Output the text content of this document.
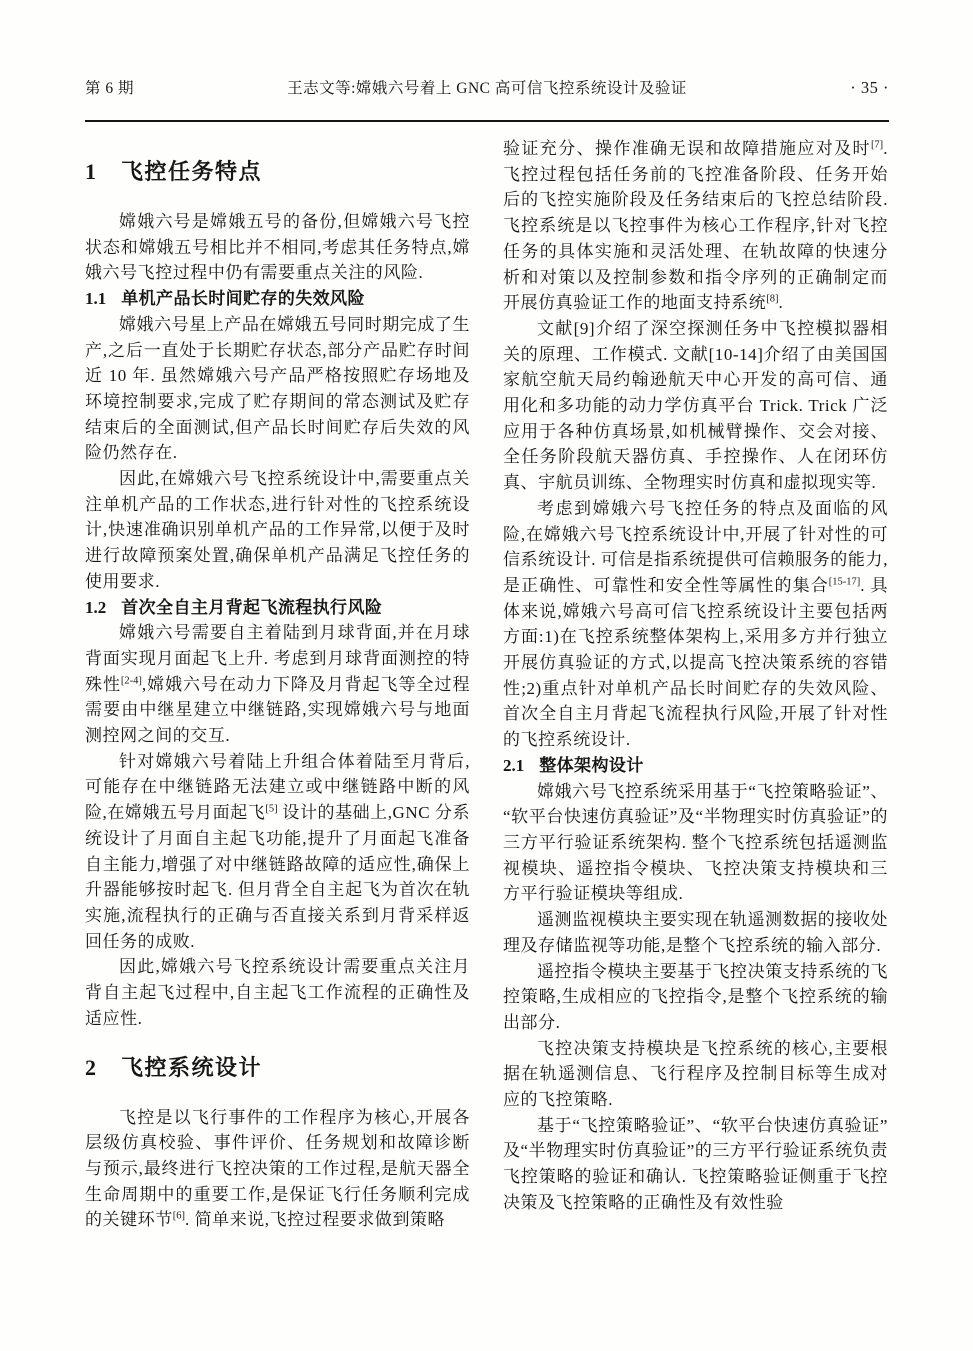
第 6 期	王志文等:嫦娥六号着上 GNC 高可信飞控系统设计及验证	· 35 ·
1 飞控任务特点

嫦娥六号是嫦娥五号的备份,但嫦娥六号飞控状态和嫦娥五号相比并不相同,考虑其任务特点,嫦娥六号飞控过程中仍有需要重点关注的风险.

1.1 单机产品长时间贮存的失效风险

嫦娥六号星上产品在嫦娥五号同时期完成了生产,之后一直处于长期贮存状态,部分产品贮存时间近 10 年. 虽然嫦娥六号产品严格按照贮存场地及环境控制要求,完成了贮存期间的常态测试及贮存结束后的全面测试,但产品长时间贮存后失效的风险仍然存在.

因此,在嫦娥六号飞控系统设计中,需要重点关注单机产品的工作状态,进行针对性的飞控系统设计,快速准确识别单机产品的工作异常,以便于及时进行故障预案处置,确保单机产品满足飞控任务的使用要求.

1.2 首次全自主月背起飞流程执行风险

嫦娥六号需要自主着陆到月球背面,并在月球背面实现月面起飞上升. 考虑到月球背面测控的特殊性[2-4],嫦娥六号在动力下降及月背起飞等全过程需要由中继星建立中继链路,实现嫦娥六号与地面测控网之间的交互.

针对嫦娥六号着陆上升组合体着陆至月背后,可能存在中继链路无法建立或中继链路中断的风险,在嫦娥五号月面起飞[5] 设计的基础上,GNC 分系统设计了月面自主起飞功能,提升了月面起飞准备自主能力,增强了对中继链路故障的适应性,确保上升器能够按时起飞. 但月背全自主起飞为首次在轨实施,流程执行的正确与否直接关系到月背采样返回任务的成败.

因此,嫦娥六号飞控系统设计需要重点关注月背自主起飞过程中,自主起飞工作流程的正确性及适应性.

2 飞控系统设计

飞控是以飞行事件的工作程序为核心,开展各层级仿真校验、事件评价、任务规划和故障诊断与预示,最终进行飞控决策的工作过程,是航天器全生命周期中的重要工作,是保证飞行任务顺利完成的关键环节[6]. 简单来说,飞控过程要求做到策略

验证充分、操作准确无误和故障措施应对及时[7]. 飞控过程包括任务前的飞控准备阶段、任务开始后的飞控实施阶段及任务结束后的飞控总结阶段. 飞控系统是以飞控事件为核心工作程序,针对飞控任务的具体实施和灵活处理、在轨故障的快速分析和对策以及控制参数和指令序列的正确制定而开展仿真验证工作的地面支持系统[8].

文献[9]介绍了深空探测任务中飞控模拟器相关的原理、工作模式. 文献[10-14]介绍了由美国国家航空航天局约翰逊航天中心开发的高可信、通用化和多功能的动力学仿真平台 Trick. Trick 广泛应用于各种仿真场景,如机械臂操作、交会对接、全任务阶段航天器仿真、手控操作、人在闭环仿真、宇航员训练、全物理实时仿真和虚拟现实等.

考虑到嫦娥六号飞控任务的特点及面临的风险,在嫦娥六号飞控系统设计中,开展了针对性的可信系统设计. 可信是指系统提供可信赖服务的能力,是正确性、可靠性和安全性等属性的集合[15-17]. 具体来说,嫦娥六号高可信飞控系统设计主要包括两方面:1)在飞控系统整体架构上,采用多方并行独立开展仿真验证的方式,以提高飞控决策系统的容错性;2)重点针对单机产品长时间贮存的失效风险、首次全自主月背起飞流程执行风险,开展了针对性的飞控系统设计.

2.1 整体架构设计

嫦娥六号飞控系统采用基于“飞控策略验证”、“软平台快速仿真验证”及“半物理实时仿真验证”的三方平行验证系统架构. 整个飞控系统包括遥测监视模块、遥控指令模块、飞控决策支持模块和三方平行验证模块等组成.

遥测监视模块主要实现在轨遥测数据的接收处理及存储监视等功能,是整个飞控系统的输入部分.

遥控指令模块主要基于飞控决策支持系统的飞控策略,生成相应的飞控指令,是整个飞控系统的输出部分.

飞控决策支持模块是飞控系统的核心,主要根据在轨遥测信息、飞行程序及控制目标等生成对应的飞控策略.

基于“飞控策略验证”、“软平台快速仿真验证”及“半物理实时仿真验证”的三方平行验证系统负责飞控策略的验证和确认. 飞控策略验证侧重于飞控决策及飞控策略的正确性及有效性验
